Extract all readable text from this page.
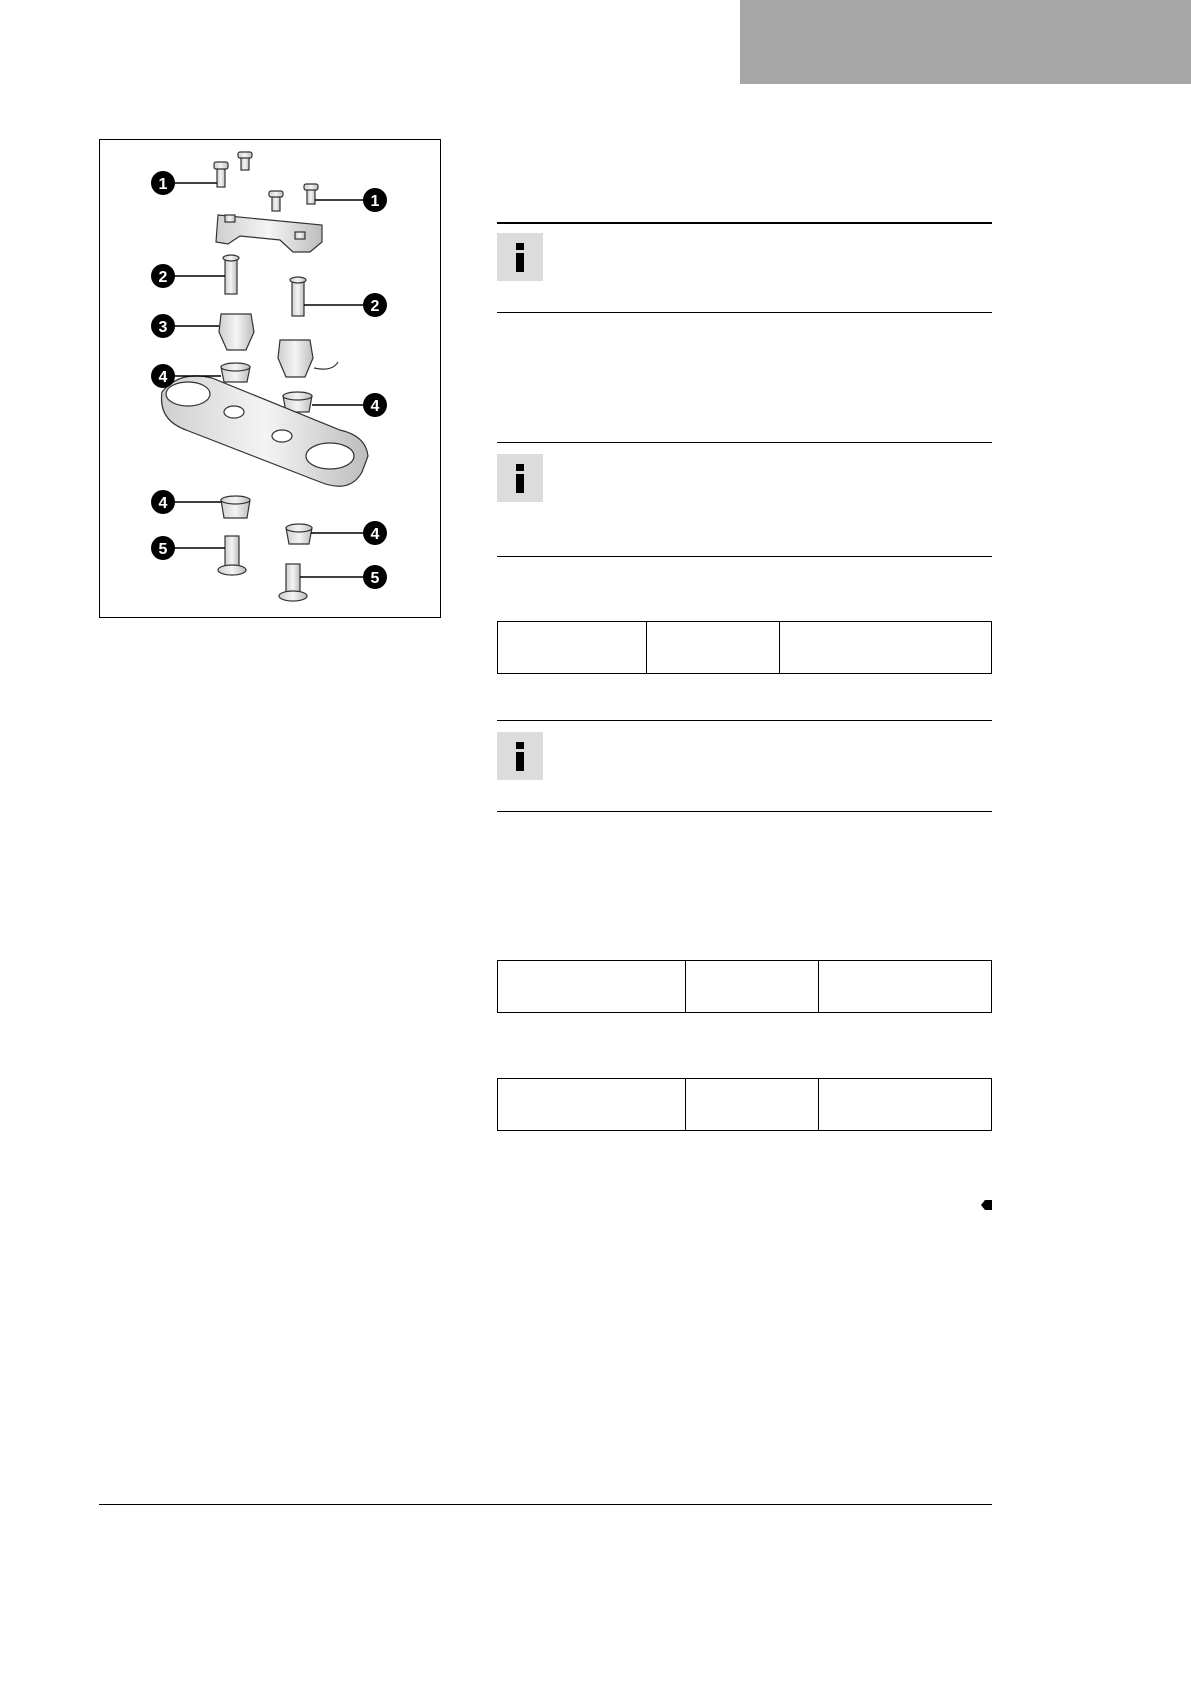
1
1
2
2
3
4
4
4
4
5
5
